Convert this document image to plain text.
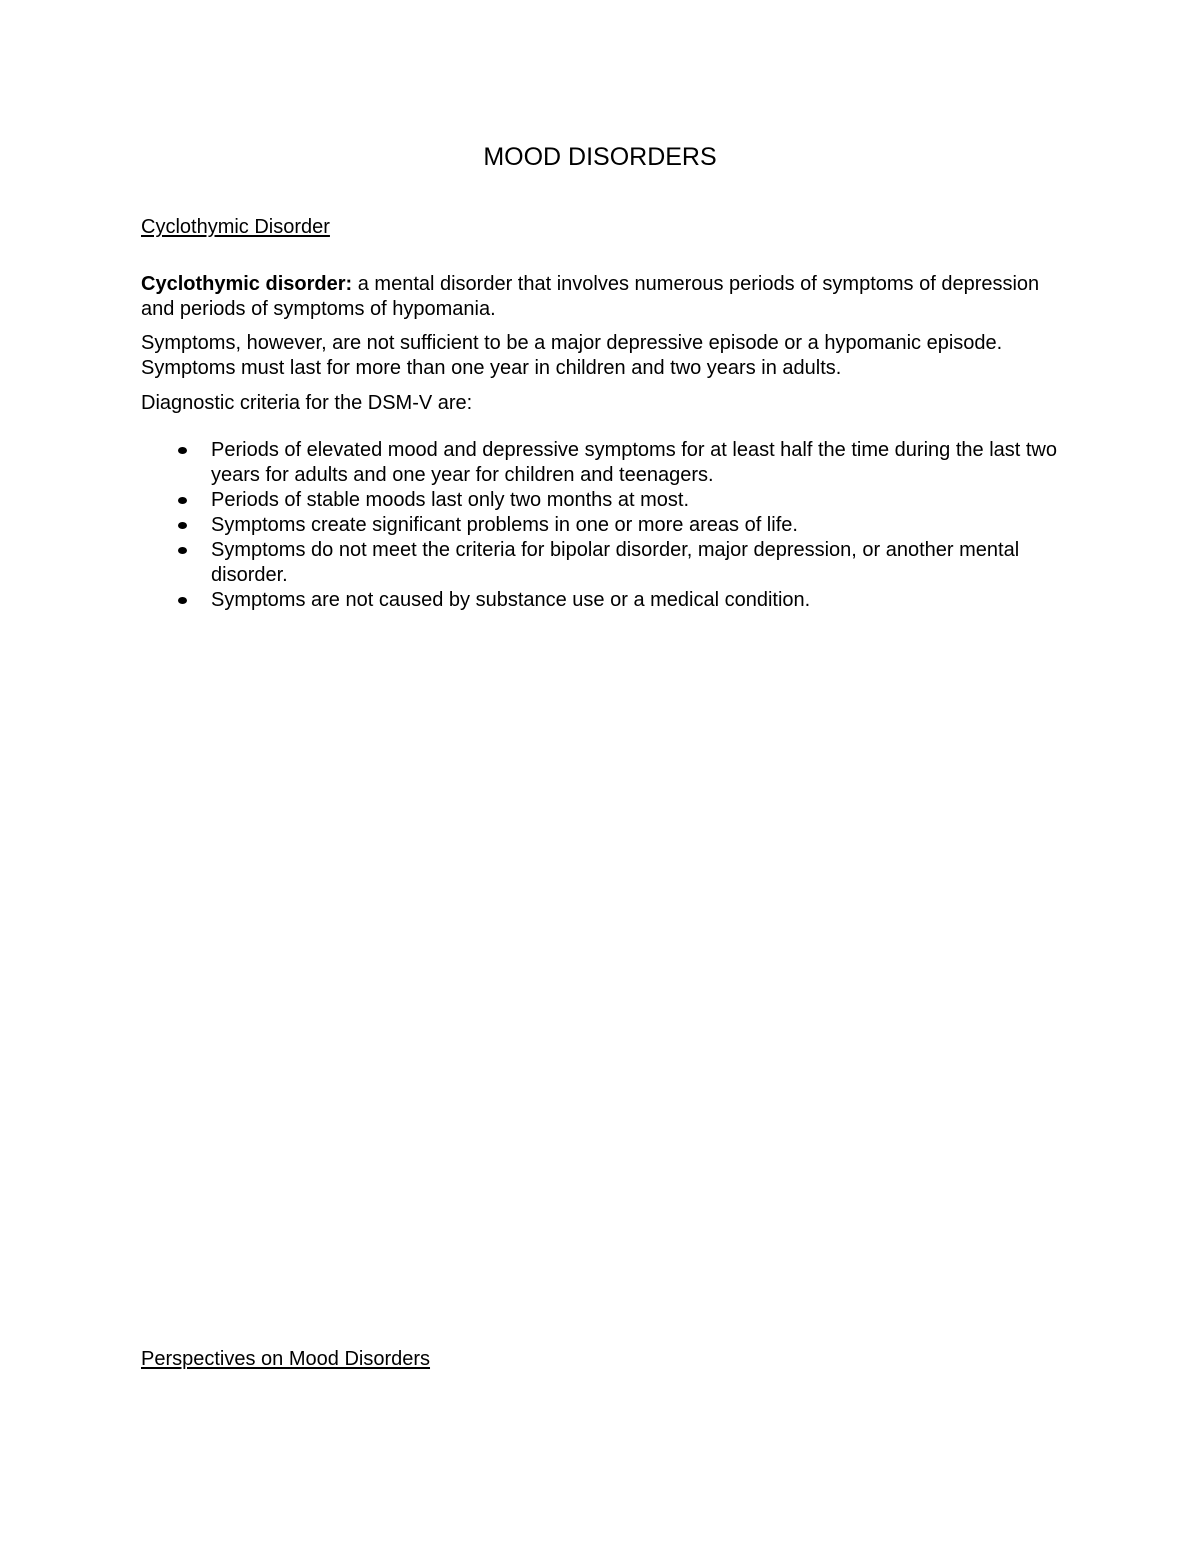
MOOD DISORDERS
Cyclothymic Disorder

Cyclothymic disorder: a mental disorder that involves numerous periods of symptoms of depression and periods of symptoms of hypomania.

Symptoms, however, are not sufficient to be a major depressive episode or a hypomanic episode. Symptoms must last for more than one year in children and two years in adults.

Diagnostic criteria for the DSM-V are:

Periods of elevated mood and depressive symptoms for at least half the time during the last two years for adults and one year for children and teenagers.
Periods of stable moods last only two months at most.
Symptoms create significant problems in one or more areas of life.
Symptoms do not meet the criteria for bipolar disorder, major depression, or another mental disorder.
Symptoms are not caused by substance use or a medical condition.
Perspectives on Mood Disorders
